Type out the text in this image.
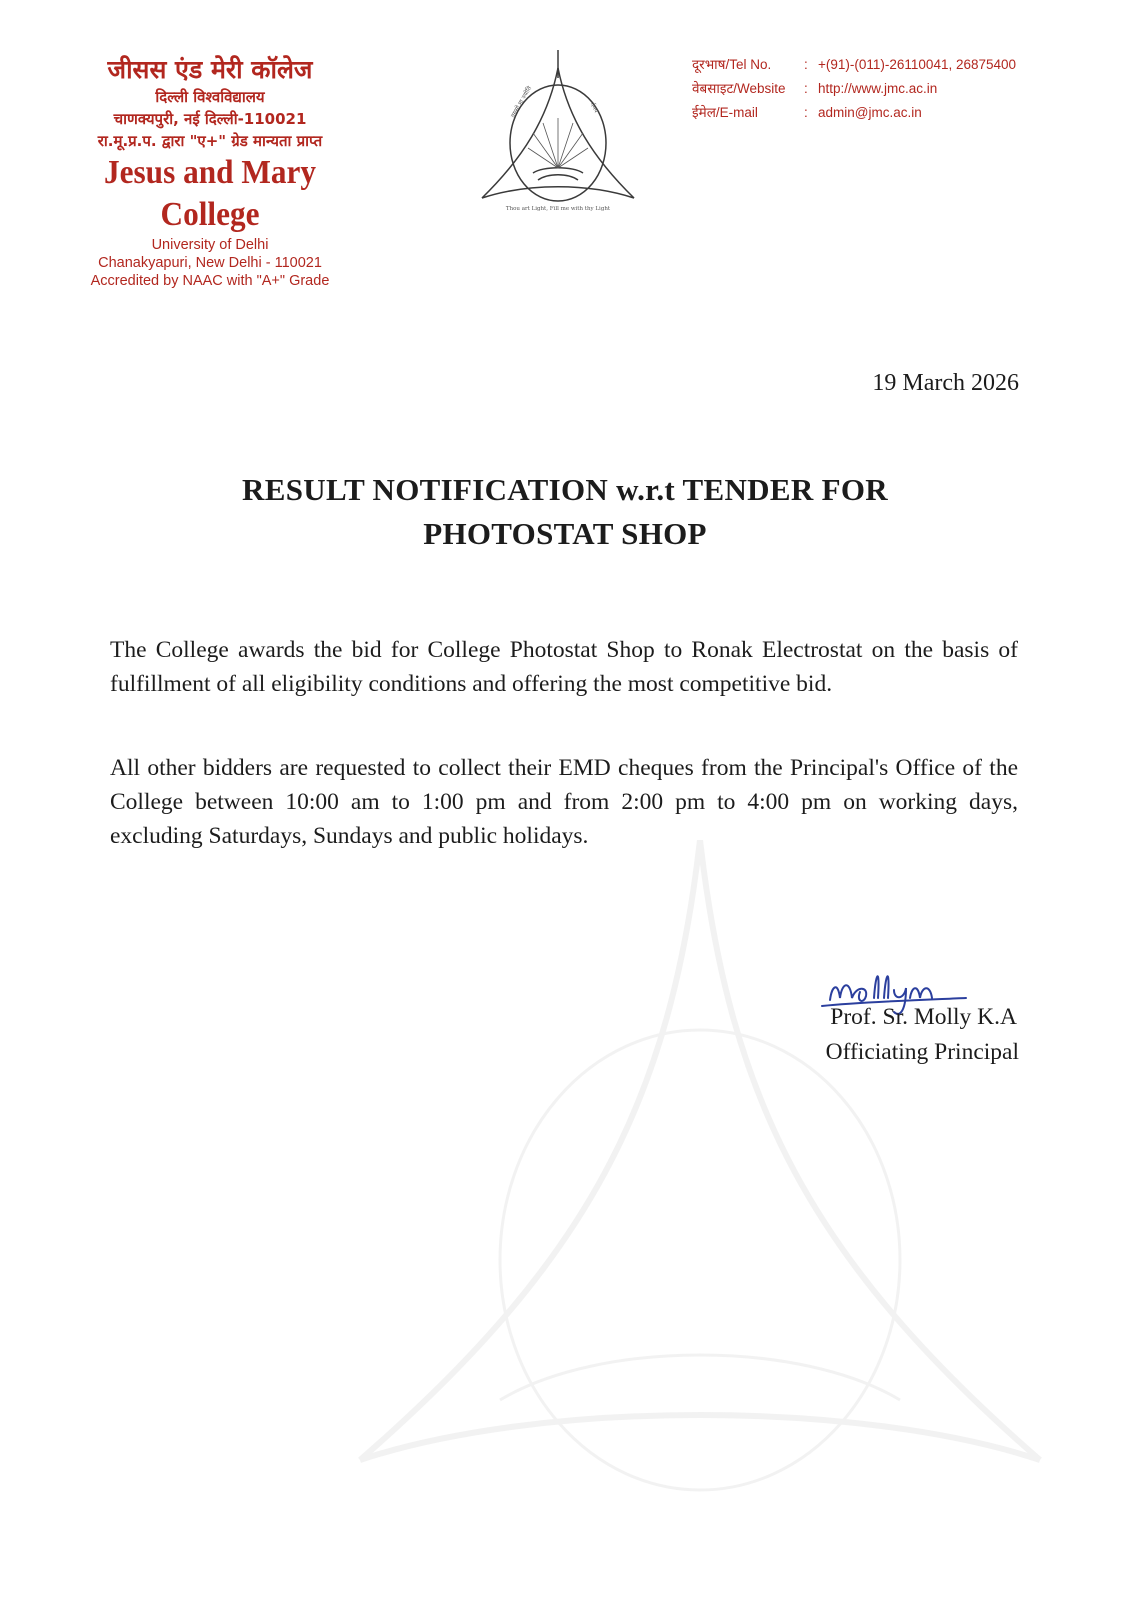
जीसस एंड मेरी कॉलेज
दिल्ली विश्वविद्यालय
चाणक्यपुरी, नई दिल्ली-110021
रा.मू.प्र.प. द्वारा "ए+" ग्रेड मान्यता प्राप्त
Jesus and Mary College
University of Delhi
Chanakyapuri, New Delhi - 110021
Accredited by NAAC with "A+" Grade
तमसो मा ज्योति	र्गमय
Thou art Light, Fill me with thy Light
दूरभाष/Tel No.	: +(91)-(011)-26110041, 26875400
वेबसाइट/Website	: http://www.jmc.ac.in
ईमेल/E-mail	: admin@jmc.ac.in
19 March 2026
RESULT NOTIFICATION w.r.t TENDER FOR
PHOTOSTAT SHOP
The College awards the bid for College Photostat Shop to Ronak Electrostat on the basis of fulfillment of all eligibility conditions and offering the most competitive bid.
All other bidders are requested to collect their EMD cheques from the Principal's Office of the College between 10:00 am to 1:00 pm and from 2:00 pm to 4:00 pm on working days, excluding Saturdays, Sundays and public holidays.
Prof. Sr. Molly K.A
Officiating Principal
